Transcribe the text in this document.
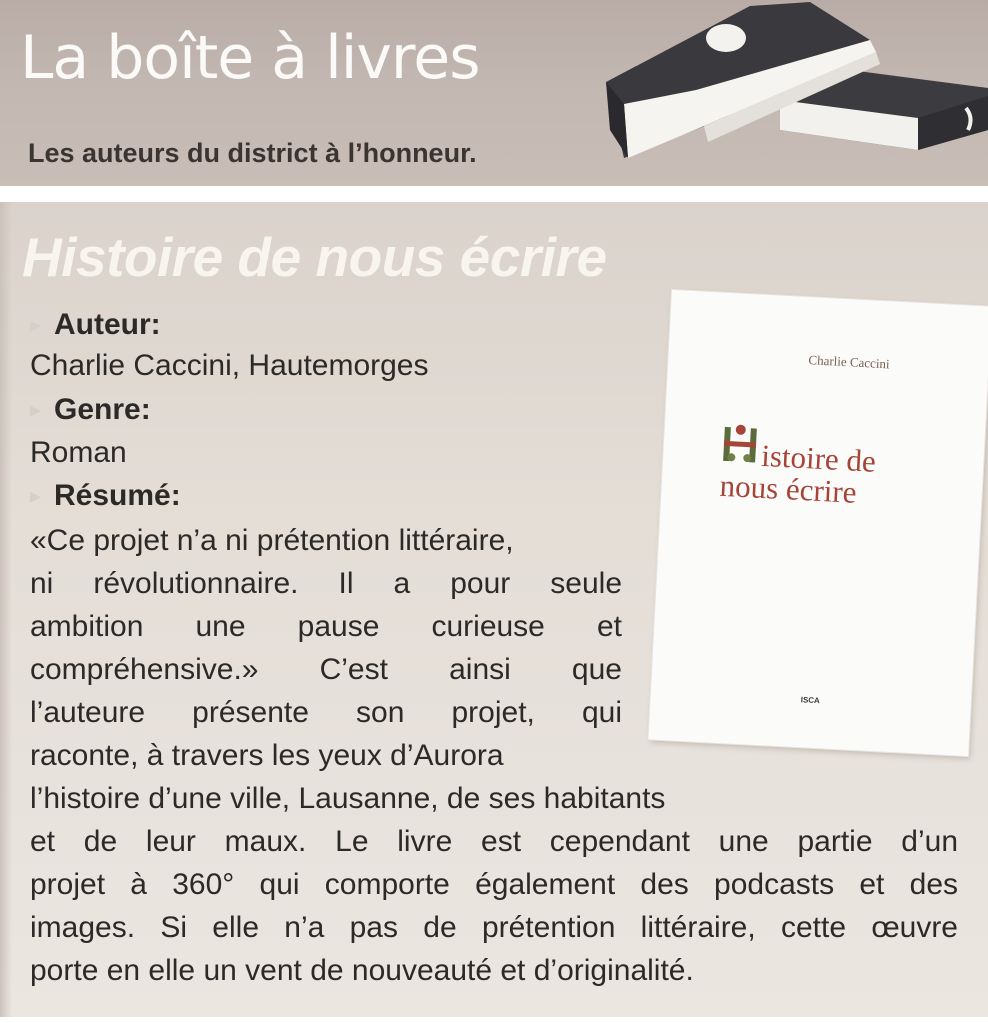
La boîte à livres
Les auteurs du district à l’honneur.
Histoire de nous écrire
▸ Auteur:
Charlie Caccini, Hautemorges
▸ Genre:
Roman
▸ Résumé:
«Ce projet n’a ni prétention littéraire,
ni révolutionnaire. Il a pour seule
ambition une pause curieuse et
compréhensive.» C’est ainsi que
l’auteure présente son projet, qui
raconte, à travers les yeux d’Aurora
l’histoire d’une ville, Lausanne, de ses habitants
et de leur maux. Le livre est cependant une partie d’un
projet à 360° qui comporte également des podcasts et des
images. Si elle n’a pas de prétention littéraire, cette œuvre
porte en elle un vent de nouveauté et d’originalité.
Charlie Caccini
istoire de
nous écrire
ISCA
